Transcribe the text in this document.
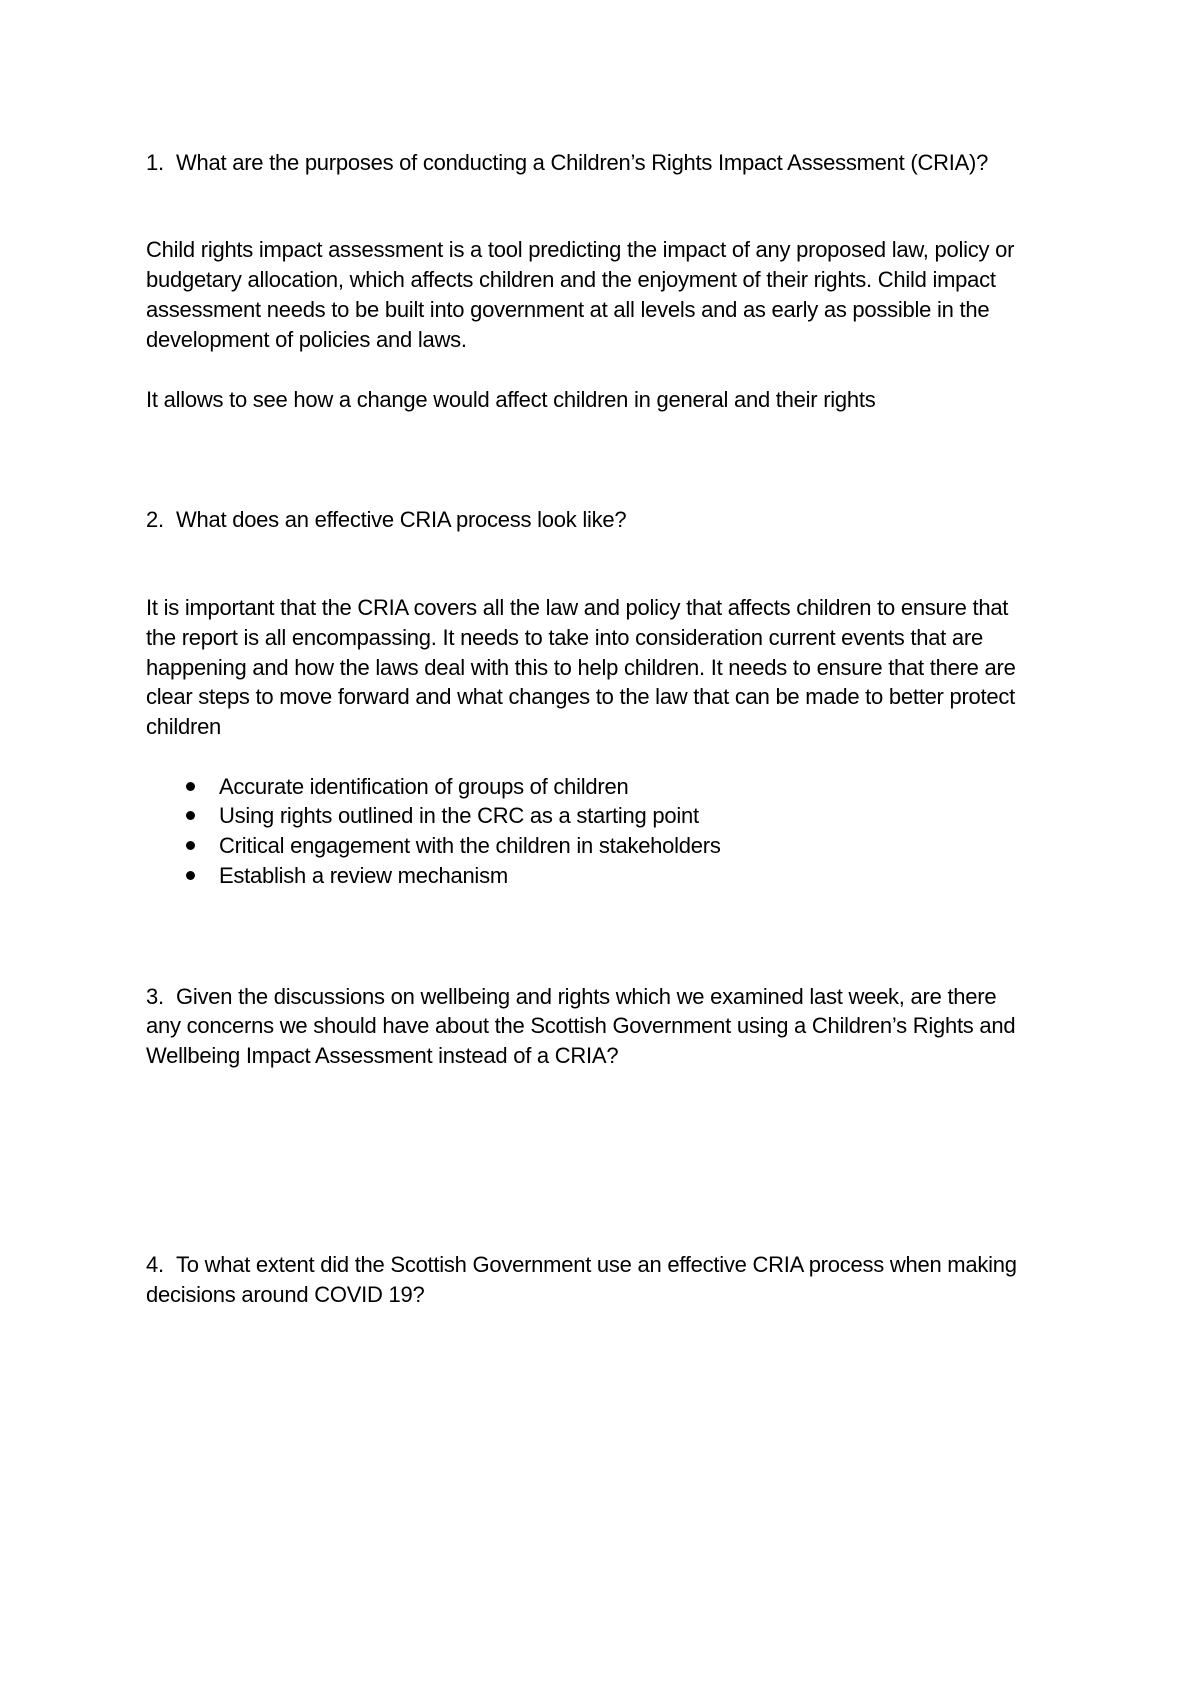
1. What are the purposes of conducting a Children’s Rights Impact Assessment (CRIA)?
Child rights impact assessment is a tool predicting the impact of any proposed law, policy or
budgetary allocation, which affects children and the enjoyment of their rights. Child impact
assessment needs to be built into government at all levels and as early as possible in the
development of policies and laws.
It allows to see how a change would affect children in general and their rights
2. What does an effective CRIA process look like?
It is important that the CRIA covers all the law and policy that affects children to ensure that
the report is all encompassing. It needs to take into consideration current events that are
happening and how the laws deal with this to help children. It needs to ensure that there are
clear steps to move forward and what changes to the law that can be made to better protect
children
Accurate identification of groups of children
Using rights outlined in the CRC as a starting point
Critical engagement with the children in stakeholders
Establish a review mechanism
3. Given the discussions on wellbeing and rights which we examined last week, are there
any concerns we should have about the Scottish Government using a Children’s Rights and
Wellbeing Impact Assessment instead of a CRIA?
4. To what extent did the Scottish Government use an effective CRIA process when making
decisions around COVID 19?
